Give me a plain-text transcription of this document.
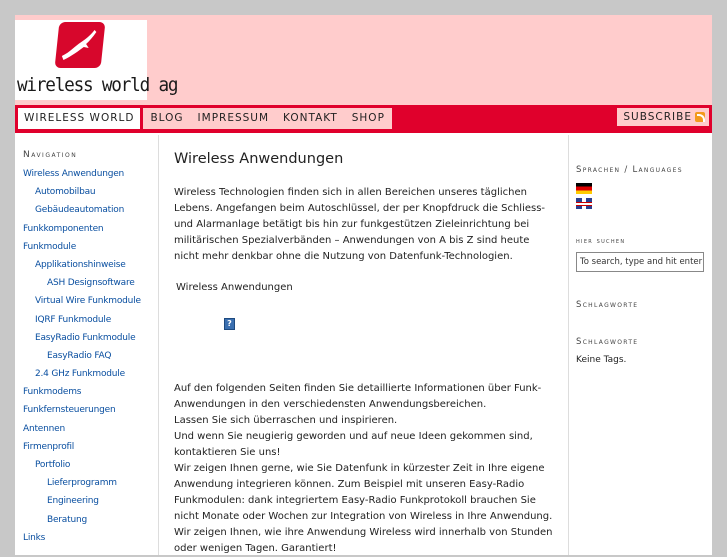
wireless world ag
WIRELESS WORLD	BLOG	IMPRESSUM	KONTAKT	SHOP	SUBSCRIBE
Navigation
Wireless Anwendungen
Automobilbau
Gebäudeautomation
Funkkomponenten
Funkmodule
Applikationshinweise
ASH Designsoftware
Virtual Wire Funkmodule
IQRF Funkmodule
EasyRadio Funkmodule
EasyRadio FAQ
2.4 GHz Funkmodule
Funkmodems
Funkfernsteuerungen
Antennen
Firmenprofil
Portfolio
Lieferprogramm
Engineering
Beratung
Links
Wireless Anwendungen

Wireless Technologien finden sich in allen Bereichen unseres täglichen Lebens. Angefangen beim Autoschlüssel, der per Knopfdruck die Schliess- und Alarmanlage betätigt bis hin zur funkgestützen Zieleinrichtung bei militärischen Spezialverbänden – Anwendungen von A bis Z sind heute nicht mehr denkbar ohne die Nutzung von Datenfunk-Technologien.

Wireless Anwendungen
?
Auf den folgenden Seiten finden Sie detaillierte Informationen über Funk-Anwendungen in den verschiedensten Anwendungsbereichen.
Lassen Sie sich überraschen und inspirieren.
Und wenn Sie neugierig geworden und auf neue Ideen gekommen sind, kontaktieren Sie uns!
Wir zeigen Ihnen gerne, wie Sie Datenfunk in kürzester Zeit in Ihre eigene Anwendung integrieren können. Zum Beispiel mit unseren Easy-Radio Funkmodulen: dank integriertem Easy-Radio Funkprotokoll brauchen Sie nicht Monate oder Wochen zur Integration von Wireless in Ihre Anwendung.
Wir zeigen Ihnen, wie ihre Anwendung Wireless wird innerhalb von Stunden oder wenigen Tagen. Garantiert!
Sprachen / Languages
hier suchen
To search, type and hit enter
Schlagworte
Schlagworte
Keine Tags.
